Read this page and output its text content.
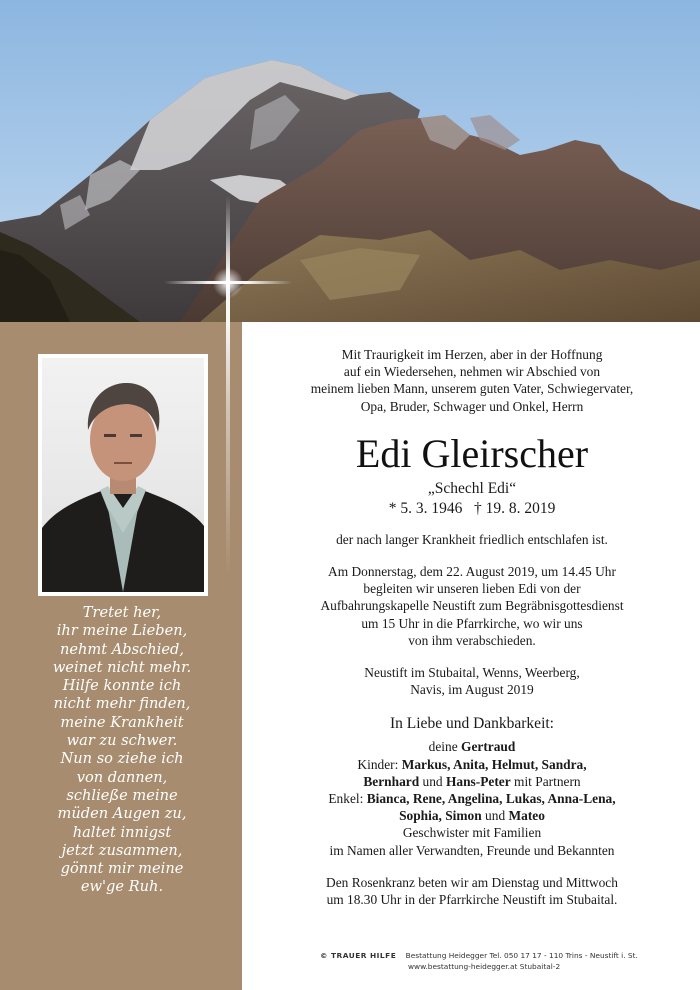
Tretet her,
ihr meine Lieben,
nehmt Abschied,
weinet nicht mehr.
Hilfe konnte ich
nicht mehr finden,
meine Krankheit
war zu schwer.
Nun so ziehe ich
von dannen,
schließe meine
müden Augen zu,
haltet innigst
jetzt zusammen,
gönnt mir meine
ew'ge Ruh.
Mit Traurigkeit im Herzen, aber in der Hoffnung
auf ein Wiedersehen, nehmen wir Abschied von
meinem lieben Mann, unserem guten Vater, Schwiegervater,
Opa, Bruder, Schwager und Onkel, Herrn
Edi Gleirscher
„Schechl Edi“
* 5. 3. 1946   † 19. 8. 2019
der nach langer Krankheit friedlich entschlafen ist.
Am Donnerstag, dem 22. August 2019, um 14.45 Uhr
begleiten wir unseren lieben Edi von der
Aufbahrungskapelle Neustift zum Begräbnisgottesdienst
um 15 Uhr in die Pfarrkirche, wo wir uns
von ihm verabschieden.
Neustift im Stubaital, Wenns, Weerberg,
Navis, im August 2019
In Liebe und Dankbarkeit:
deine Gertraud
Kinder: Markus, Anita, Helmut, Sandra,
Bernhard und Hans-Peter mit Partnern
Enkel: Bianca, Rene, Angelina, Lukas, Anna-Lena,
Sophia, Simon und Mateo
Geschwister mit Familien
im Namen aller Verwandten, Freunde und Bekannten
Den Rosenkranz beten wir am Dienstag und Mittwoch
um 18.30 Uhr in der Pfarrkirche Neustift im Stubaital.
© TRAUER HILFE Bestattung Heidegger Tel. 050 17 17 - 110 Trins - Neustift i. St.
www.bestattung-heidegger.at Stubaital-2
